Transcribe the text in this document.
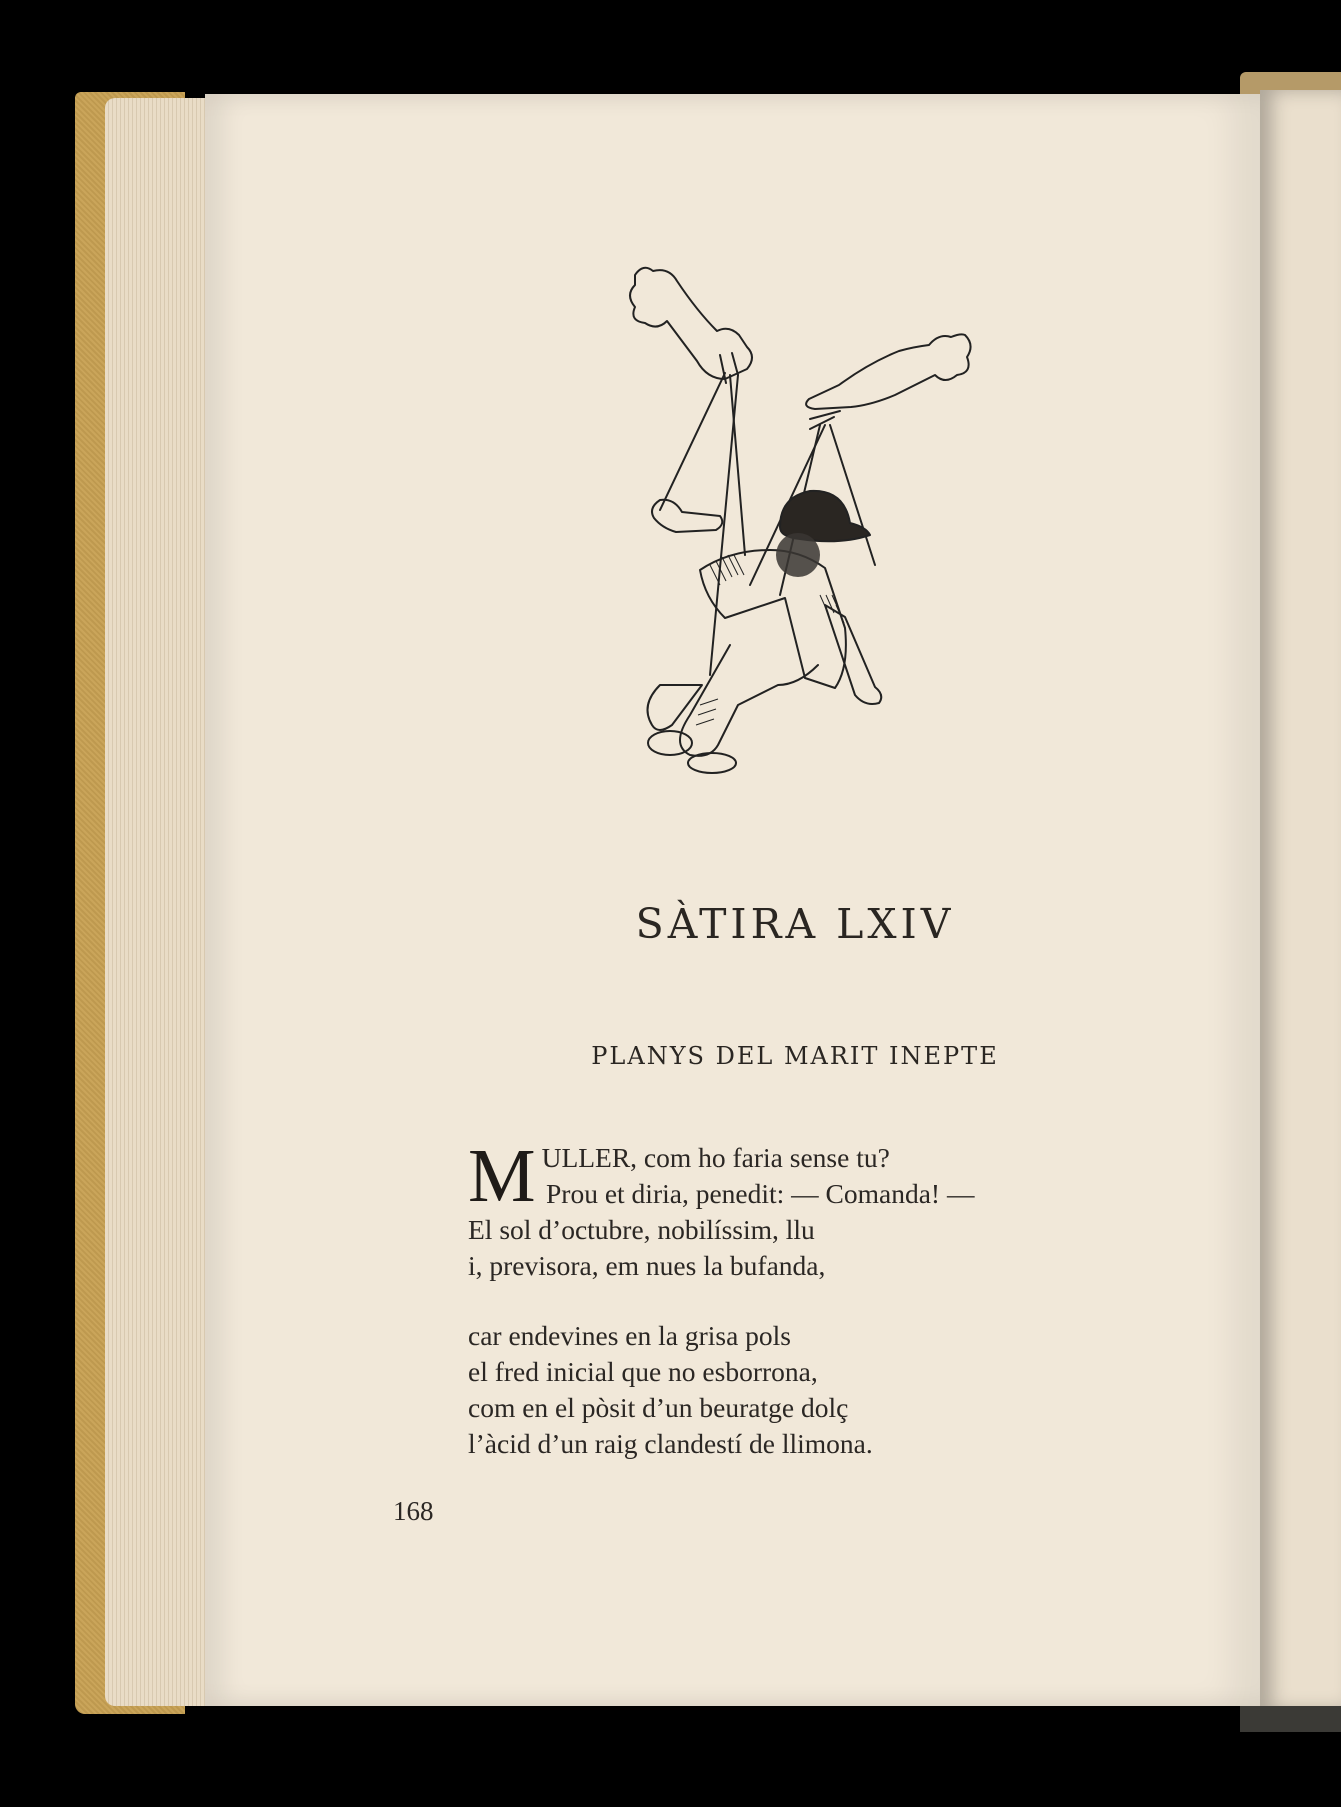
SÀTIRA LXIV
PLANYS DEL MARIT INEPTE
M ULLER, com ho faria sense tu?
Prou et diria, penedit: — Comanda! —
El sol d’octubre, nobilíssim, llu
i, previsora, em nues la bufanda,
car endevines en la grisa pols
el fred inicial que no esborrona,
com en el pòsit d’un beuratge dolç
l’àcid d’un raig clandestí de llimona.
168
